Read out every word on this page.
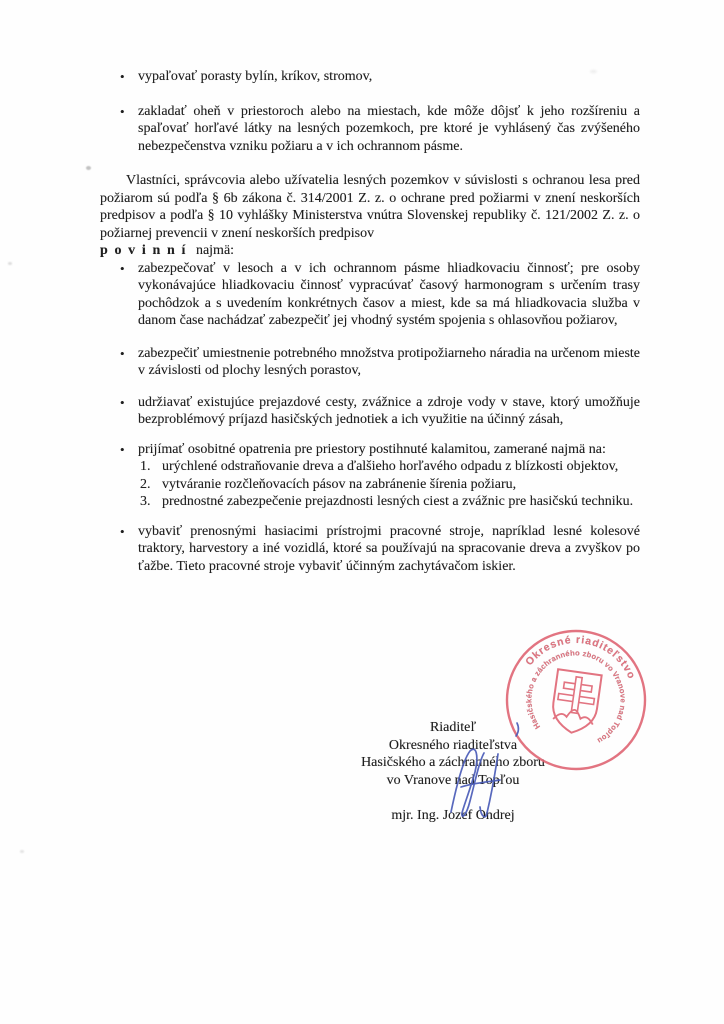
• vypaľovať porasty bylín, kríkov, stromov,
• zakladať oheň v priestoroch alebo na miestach, kde môže dôjsť k jeho rozšíreniu a spaľovať horľavé látky na lesných pozemkoch, pre ktoré je vyhlásený čas zvýšeného nebezpečenstva vzniku požiaru a v ich ochrannom pásme.

Vlastníci, správcovia alebo užívatelia lesných pozemkov v súvislosti s ochranou lesa pred požiarom sú podľa § 6b zákona č. 314/2001 Z. z. o ochrane pred požiarmi v znení neskorších predpisov a podľa § 10 vyhlášky Ministerstva vnútra Slovenskej republiky č. 121/2002 Z. z. o požiarnej prevencii v znení neskorších predpisov

p o v i n n í najmä:
• zabezpečovať v lesoch a v ich ochrannom pásme hliadkovaciu činnosť; pre osoby vykonávajúce hliadkovaciu činnosť vypracúvať časový harmonogram s určením trasy pochôdzok a s uvedením konkrétnych časov a miest, kde sa má hliadkovacia služba v danom čase nachádzať zabezpečiť jej vhodný systém spojenia s ohlasovňou požiarov,
• zabezpečiť umiestnenie potrebného množstva protipožiarneho náradia na určenom mieste v závislosti od plochy lesných porastov,
• udržiavať existujúce prejazdové cesty, zvážnice a zdroje vody v stave, ktorý umožňuje bezproblémový príjazd hasičských jednotiek a ich využitie na účinný zásah,
• prijímať osobitné opatrenia pre priestory postihnuté kalamitou, zamerané najmä na:
1. urýchlené odstraňovanie dreva a ďalšieho horľavého odpadu z blízkosti objektov,
2. vytváranie rozčleňovacích pásov na zabránenie šírenia požiaru,
3. prednostné zabezpečenie prejazdnosti lesných ciest a zvážnic pre hasičskú techniku.
• vybaviť prenosnými hasiacimi prístrojmi pracovné stroje, napríklad lesné kolesové traktory, harvestory a iné vozidlá, ktoré sa používajú na spracovanie dreva a zvyškov po ťažbe. Tieto pracovné stroje vybaviť účinným zachytávačom iskier.
Riaditeľ
Okresného riaditeľstva
Hasičského a záchranného zboru
vo Vranove nad Topľou
mjr. Ing. Jozef Ondrej
Okresné riaditeľstvo
Hasičského a záchranného zboru vo Vranove nad Topľou
